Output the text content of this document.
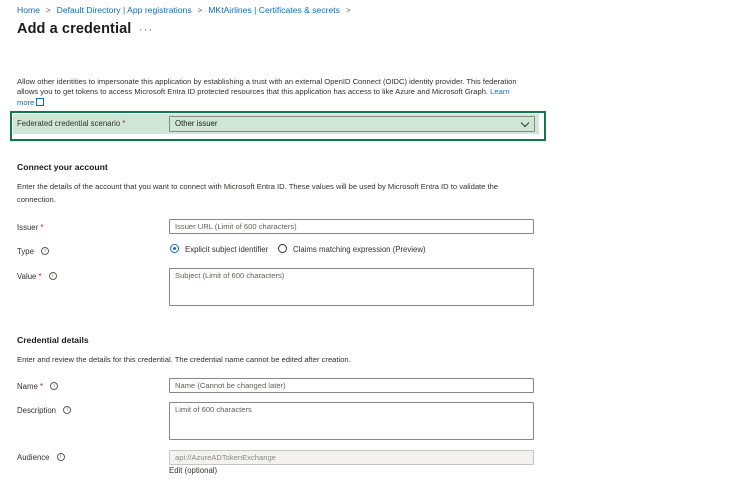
Home > Default Directory | App registrations > MKtAirlines | Certificates & secrets >
Add a credential ···
Allow other identities to impersonate this application by establishing a trust with an external OpenID Connect (OIDC) identity provider. This federation allows you to get tokens to access Microsoft Entra ID protected resources that this application has access to like Azure and Microsoft Graph. Learn more
Federated credential scenario *	Other issuer
Connect your account
Enter the details of the account that you want to connect with Microsoft Entra ID. These values will be used by Microsoft Entra ID to validate the connection.
Issuer *	Issuer URL (Limit of 600 characters)
Type i	Explicit subject identifier	Claims matching expression (Preview)
Value * i	Subject (Limit of 600 characters)
Credential details
Enter and review the details for this credential. The credential name cannot be edited after creation.
Name * i	Name (Cannot be changed later)
Description i	Limit of 600 characters
Audience i	api://AzureADTokenExchange
Edit (optional)
